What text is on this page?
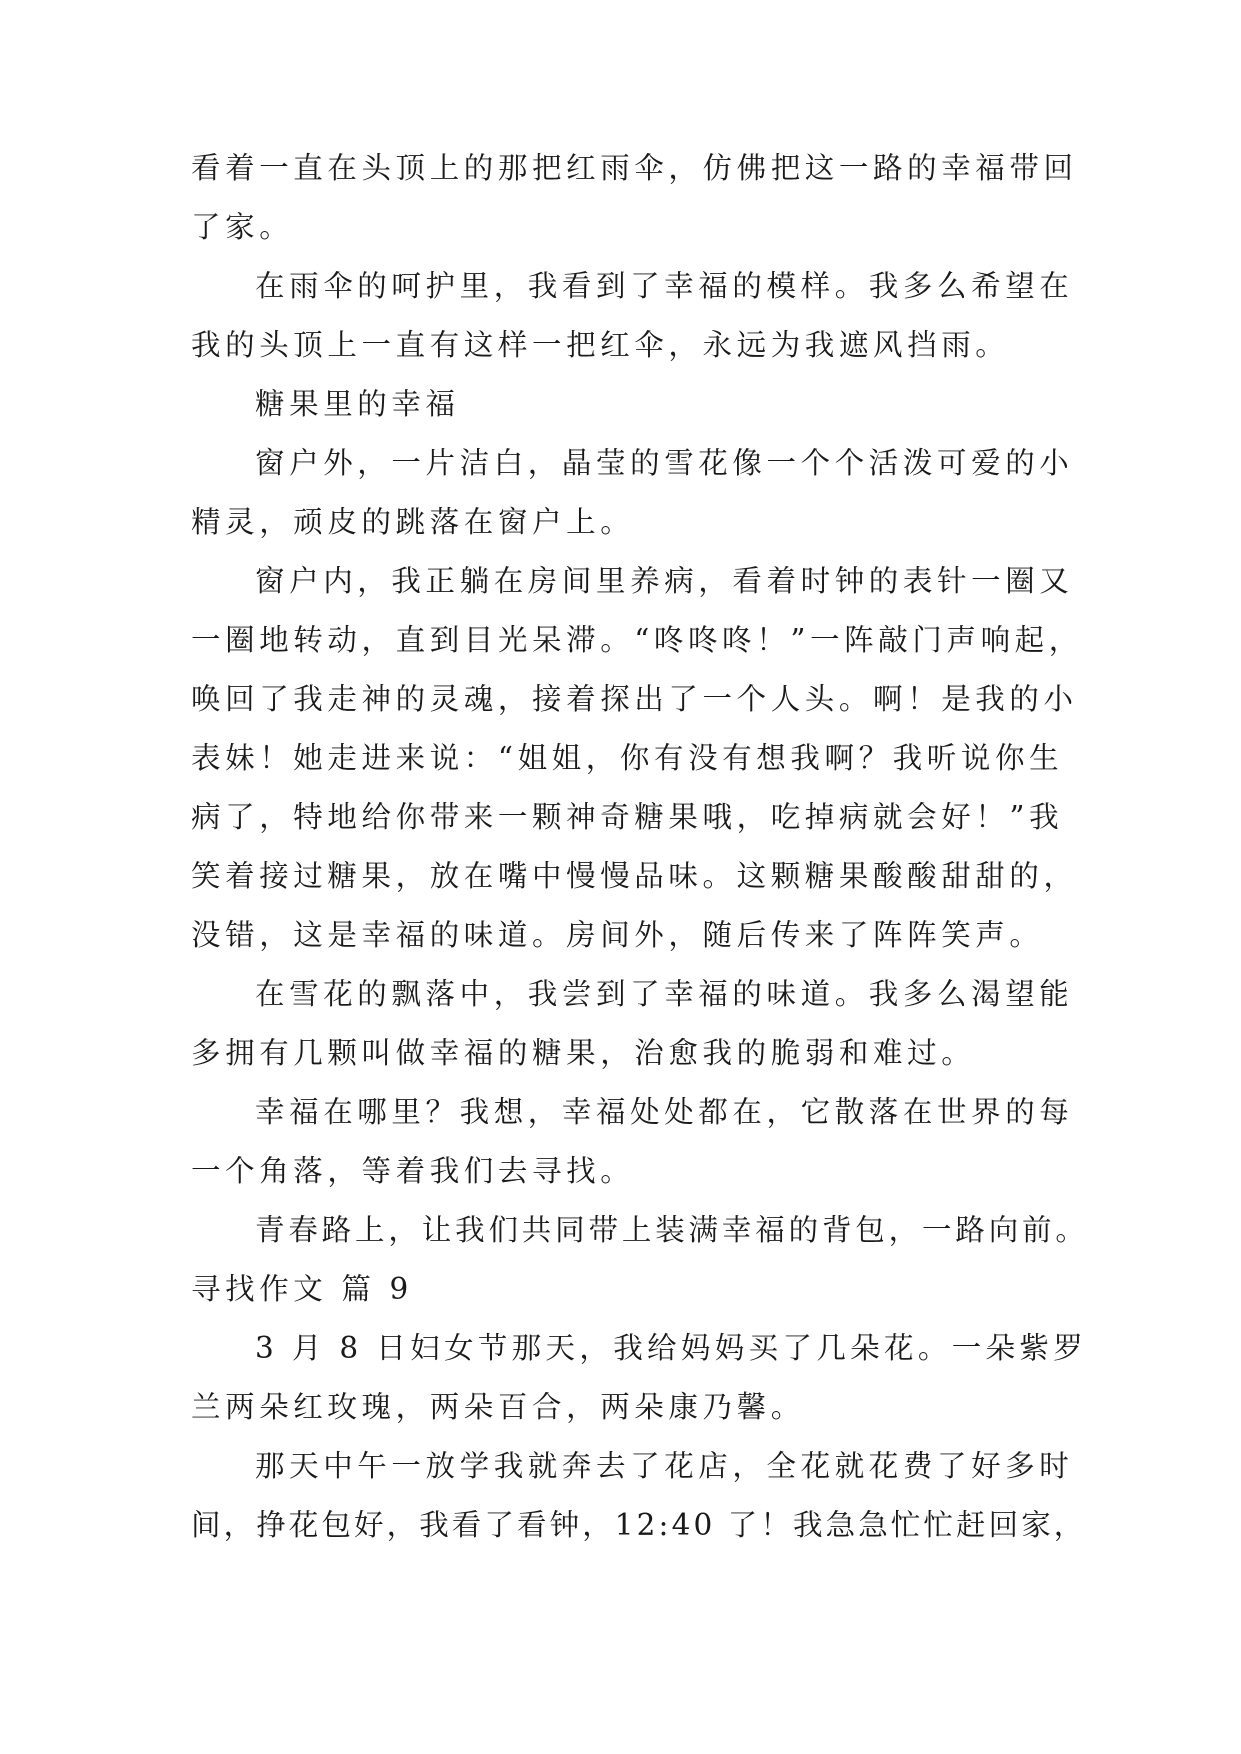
看着一直在头顶上的那把红雨伞，仿佛把这一路的幸福带回
了家。
在雨伞的呵护里，我看到了幸福的模样。我多么希望在
我的头顶上一直有这样一把红伞，永远为我遮风挡雨。
糖果里的幸福
窗户外，一片洁白，晶莹的雪花像一个个活泼可爱的小
精灵，顽皮的跳落在窗户上。
窗户内，我正躺在房间里养病，看着时钟的表针一圈又
一圈地转动，直到目光呆滞。“咚咚咚！”一阵敲门声响起，
唤回了我走神的灵魂，接着探出了一个人头。啊！是我的小
表妹！她走进来说：“姐姐，你有没有想我啊？我听说你生
病了，特地给你带来一颗神奇糖果哦，吃掉病就会好！”我
笑着接过糖果，放在嘴中慢慢品味。这颗糖果酸酸甜甜的，
没错，这是幸福的味道。房间外，随后传来了阵阵笑声。
在雪花的飘落中，我尝到了幸福的味道。我多么渴望能
多拥有几颗叫做幸福的糖果，治愈我的脆弱和难过。
幸福在哪里？我想，幸福处处都在，它散落在世界的每
一个角落，等着我们去寻找。
青春路上，让我们共同带上装满幸福的背包，一路向前。
寻找作文 篇 9
3 月 8 日妇女节那天，我给妈妈买了几朵花。一朵紫罗
兰两朵红玫瑰，两朵百合，两朵康乃馨。
那天中午一放学我就奔去了花店，全花就花费了好多时
间，挣花包好，我看了看钟，12:40 了！我急急忙忙赶回家，
